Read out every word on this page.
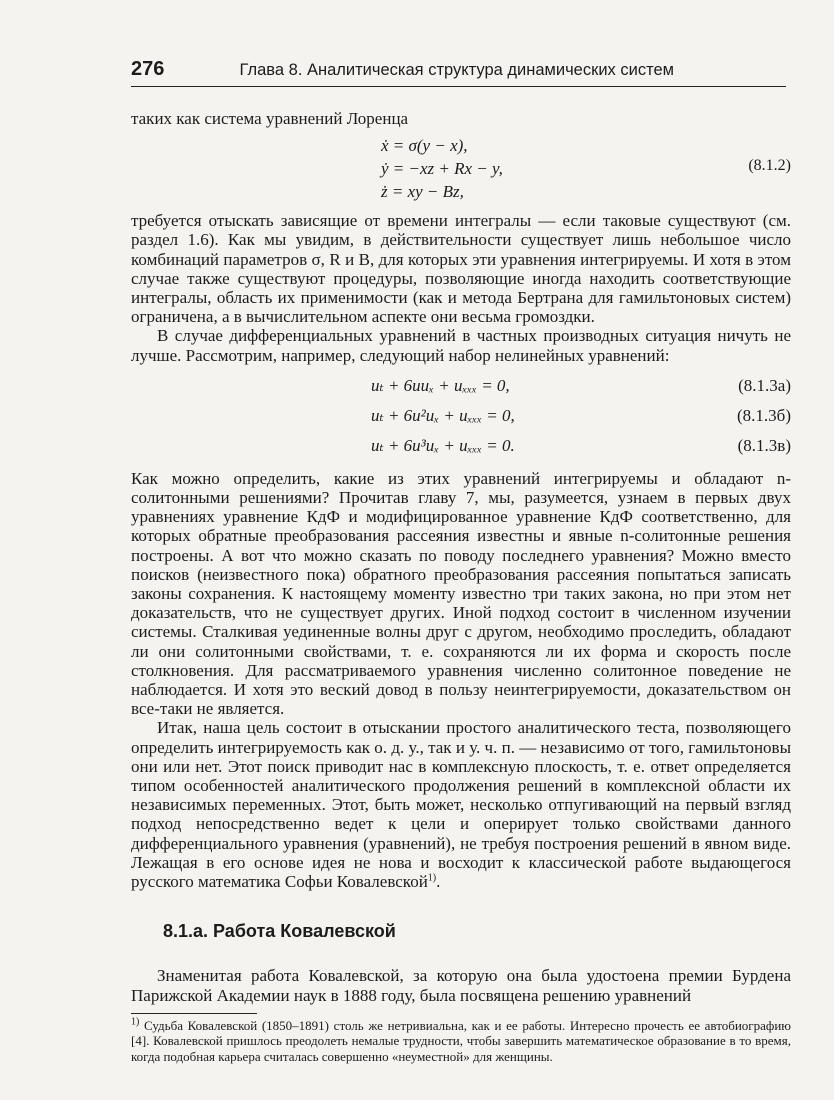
276	Глава 8. Аналитическая структура динамических систем

таких как система уравнений Лоренца

ẋ = σ(y − x),
ẏ = −xz + Rx − y,
ż = xy − Bz,
(8.1.2)

требуется отыскать зависящие от времени интегралы — если таковые существуют (см. раздел 1.6). Как мы увидим, в действительности существует лишь небольшое число комбинаций параметров σ, R и B, для которых эти уравнения интегрируемы. И хотя в этом случае также существуют процедуры, позволяющие иногда находить соответствующие интегралы, область их применимости (как и метода Бертрана для гамильтоновых систем) ограничена, а в вычислительном аспекте они весьма громоздки.

В случае дифференциальных уравнений в частных производных ситуация ничуть не лучше. Рассмотрим, например, следующий набор нелинейных уравнений:

uₜ + 6uuₓ + uₓₓₓ = 0,	(8.1.3а)
uₜ + 6u²uₓ + uₓₓₓ = 0,	(8.1.3б)
uₜ + 6u³uₓ + uₓₓₓ = 0.	(8.1.3в)

Как можно определить, какие из этих уравнений интегрируемы и обладают n-солитонными решениями? Прочитав главу 7, мы, разумеется, узнаем в первых двух уравнениях уравнение КдФ и модифицированное уравнение КдФ соответственно, для которых обратные преобразования рассеяния известны и явные n-солитонные решения построены. А вот что можно сказать по поводу последнего уравнения? Можно вместо поисков (неизвестного пока) обратного преобразования рассеяния попытаться записать законы сохранения. К настоящему моменту известно три таких закона, но при этом нет доказательств, что не существует других. Иной подход состоит в численном изучении системы. Сталкивая уединенные волны друг с другом, необходимо проследить, обладают ли они солитонными свойствами, т. е. сохраняются ли их форма и скорость после столкновения. Для рассматриваемого уравнения численно солитонное поведение не наблюдается. И хотя это веский довод в пользу неинтегрируемости, доказательством он все-таки не является.

Итак, наша цель состоит в отыскании простого аналитического теста, позволяющего определить интегрируемость как о. д. у., так и у. ч. п. — независимо от того, гамильтоновы они или нет. Этот поиск приводит нас в комплексную плоскость, т. е. ответ определяется типом особенностей аналитического продолжения решений в комплексной области их независимых переменных. Этот, быть может, несколько отпугивающий на первый взгляд подход непосредственно ведет к цели и оперирует только свойствами данного дифференциального уравнения (уравнений), не требуя построения решений в явном виде. Лежащая в его основе идея не нова и восходит к классической работе выдающегося русского математика Софьи Ковалевской$^{1)}$.

8.1.а. Работа Ковалевской

Знаменитая работа Ковалевской, за которую она была удостоена премии Бурдена Парижской Академии наук в 1888 году, была посвящена решению уравнений

$^{1)}$ Судьба Ковалевской (1850–1891) столь же нетривиальна, как и ее работы. Интересно прочесть ее автобиографию [4]. Ковалевской пришлось преодолеть немалые трудности, чтобы завершить математическое образование в то время, когда подобная карьера считалась совершенно «неуместной» для женщины.
